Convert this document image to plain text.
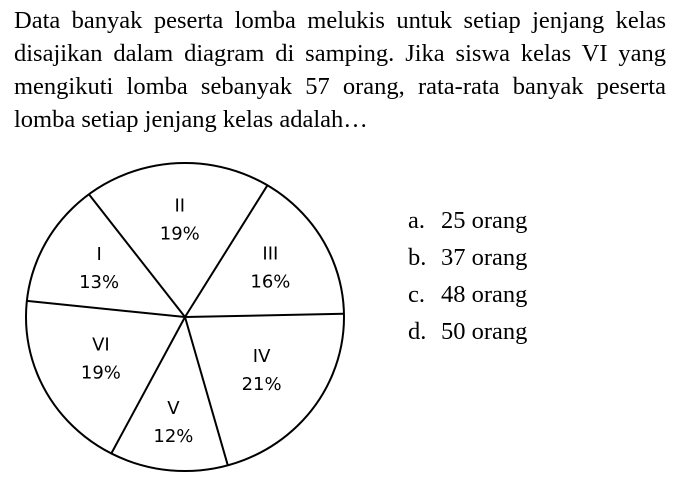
Data banyak peserta lomba melukis untuk setiap jenjang kelas disajikan dalam diagram di samping. Jika siswa kelas VI yang mengikuti lomba sebanyak 57 orang, rata-rata banyak peserta lomba setiap jenjang kelas adalah…

I
13%
II
19%
III
16%
IV
21%
V
12%
VI
19%
a. 25 orang
b. 37 orang
c. 48 orang
d. 50 orang
